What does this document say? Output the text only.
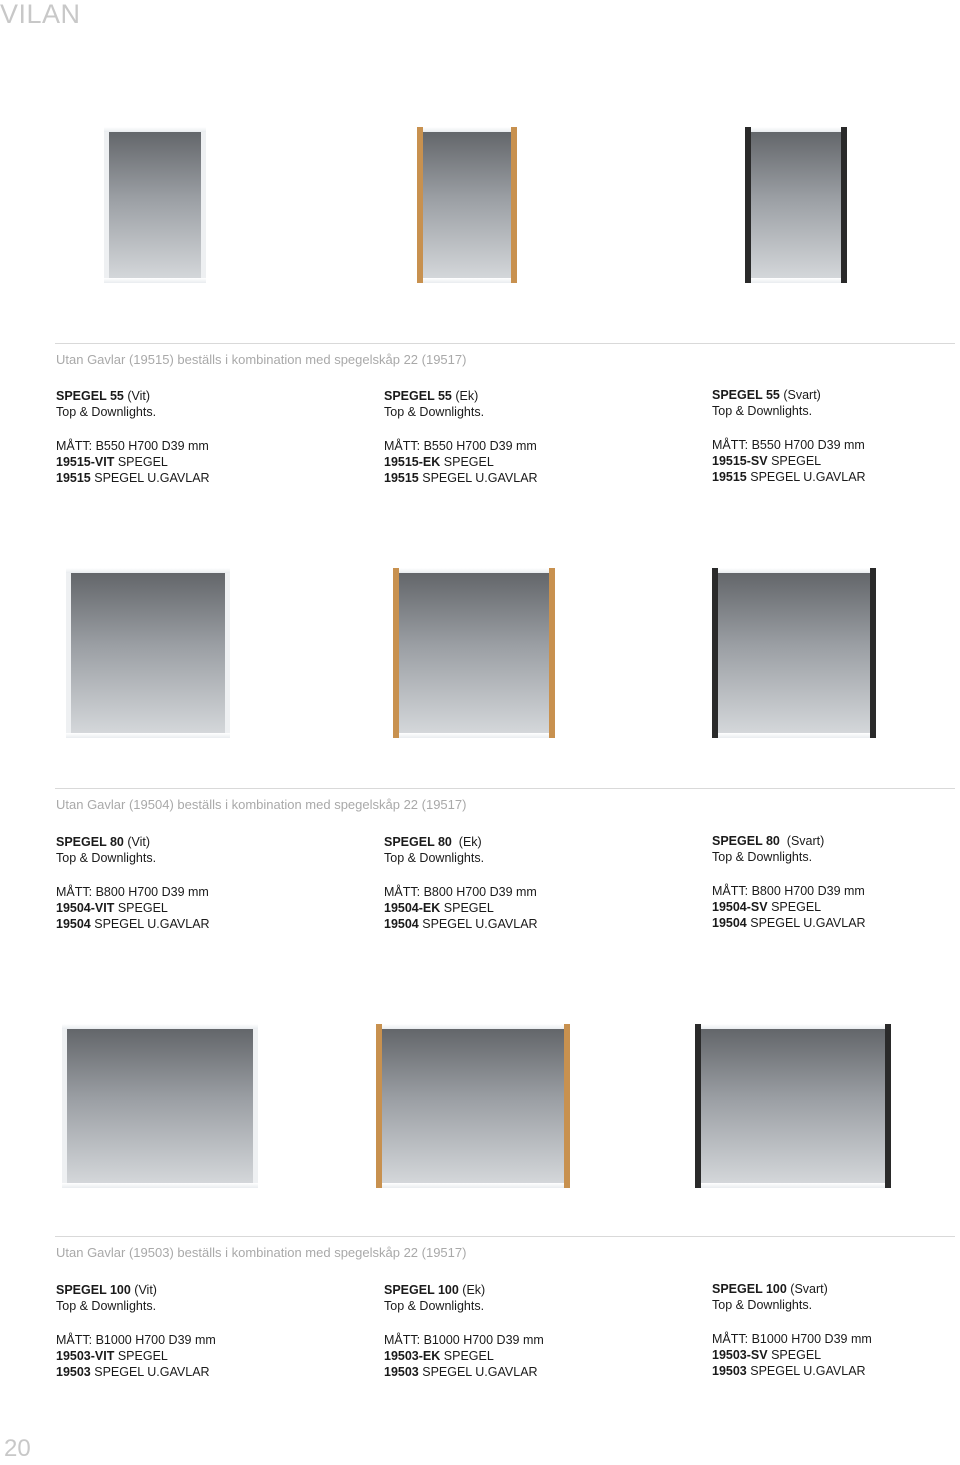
VILAN
Utan Gavlar (19515) beställs i kombination med spegelskåp 22 (19517)
SPEGEL 55 (Vit)
Top & Downlights.
MÅTT: B550 H700 D39 mm
19515-VIT SPEGEL
19515 SPEGEL U.GAVLAR
SPEGEL 55 (Ek)
Top & Downlights.
MÅTT: B550 H700 D39 mm
19515-EK SPEGEL
19515 SPEGEL U.GAVLAR
SPEGEL 55 (Svart)
Top & Downlights.
MÅTT: B550 H700 D39 mm
19515-SV SPEGEL
19515 SPEGEL U.GAVLAR
Utan Gavlar (19504) beställs i kombination med spegelskåp 22 (19517)
SPEGEL 80 (Vit)
Top & Downlights.
MÅTT: B800 H700 D39 mm
19504-VIT SPEGEL
19504 SPEGEL U.GAVLAR
SPEGEL 80  (Ek)
Top & Downlights.
MÅTT: B800 H700 D39 mm
19504-EK SPEGEL
19504 SPEGEL U.GAVLAR
SPEGEL 80  (Svart)
Top & Downlights.
MÅTT: B800 H700 D39 mm
19504-SV SPEGEL
19504 SPEGEL U.GAVLAR
Utan Gavlar (19503) beställs i kombination med spegelskåp 22 (19517)
SPEGEL 100 (Vit)
Top & Downlights.
MÅTT: B1000 H700 D39 mm
19503-VIT SPEGEL
19503 SPEGEL U.GAVLAR
SPEGEL 100 (Ek)
Top & Downlights.
MÅTT: B1000 H700 D39 mm
19503-EK SPEGEL
19503 SPEGEL U.GAVLAR
SPEGEL 100 (Svart)
Top & Downlights.
MÅTT: B1000 H700 D39 mm
19503-SV SPEGEL
19503 SPEGEL U.GAVLAR
20
